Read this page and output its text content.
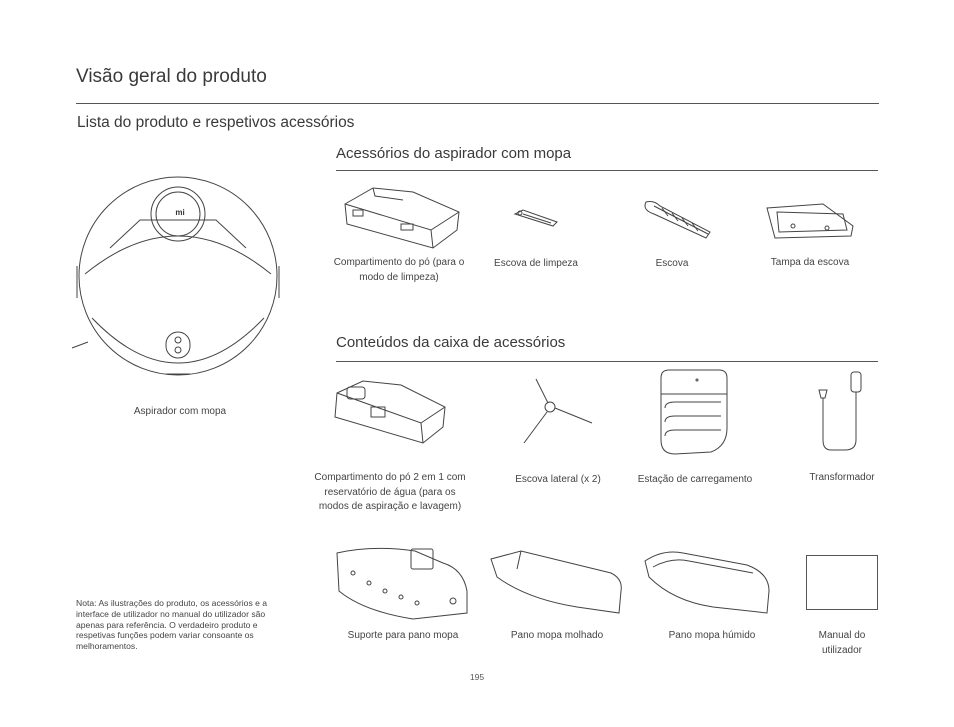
Visão geral do produto
Lista do produto e respetivos acessórios
Acessórios do aspirador com mopa
Conteúdos da caixa de acessórios
mi
Aspirador com mopa
Compartimento do pó (para o modo de limpeza)
Escova de limpeza	Escova	Tampa da escova
Compartimento do pó 2 em 1 com reservatório de água (para os modos de aspiração e lavagem)
Escova lateral (x 2)	Estação de carregamento	Transformador
Suporte para pano mopa	Pano mopa molhado	Pano mopa húmido	Manual do utilizador
Nota: As ilustrações do produto, os acessórios e a interface de utilizador no manual do utilizador são apenas para referência. O verdadeiro produto e respetivas funções podem variar consoante os melhoramentos.
195
